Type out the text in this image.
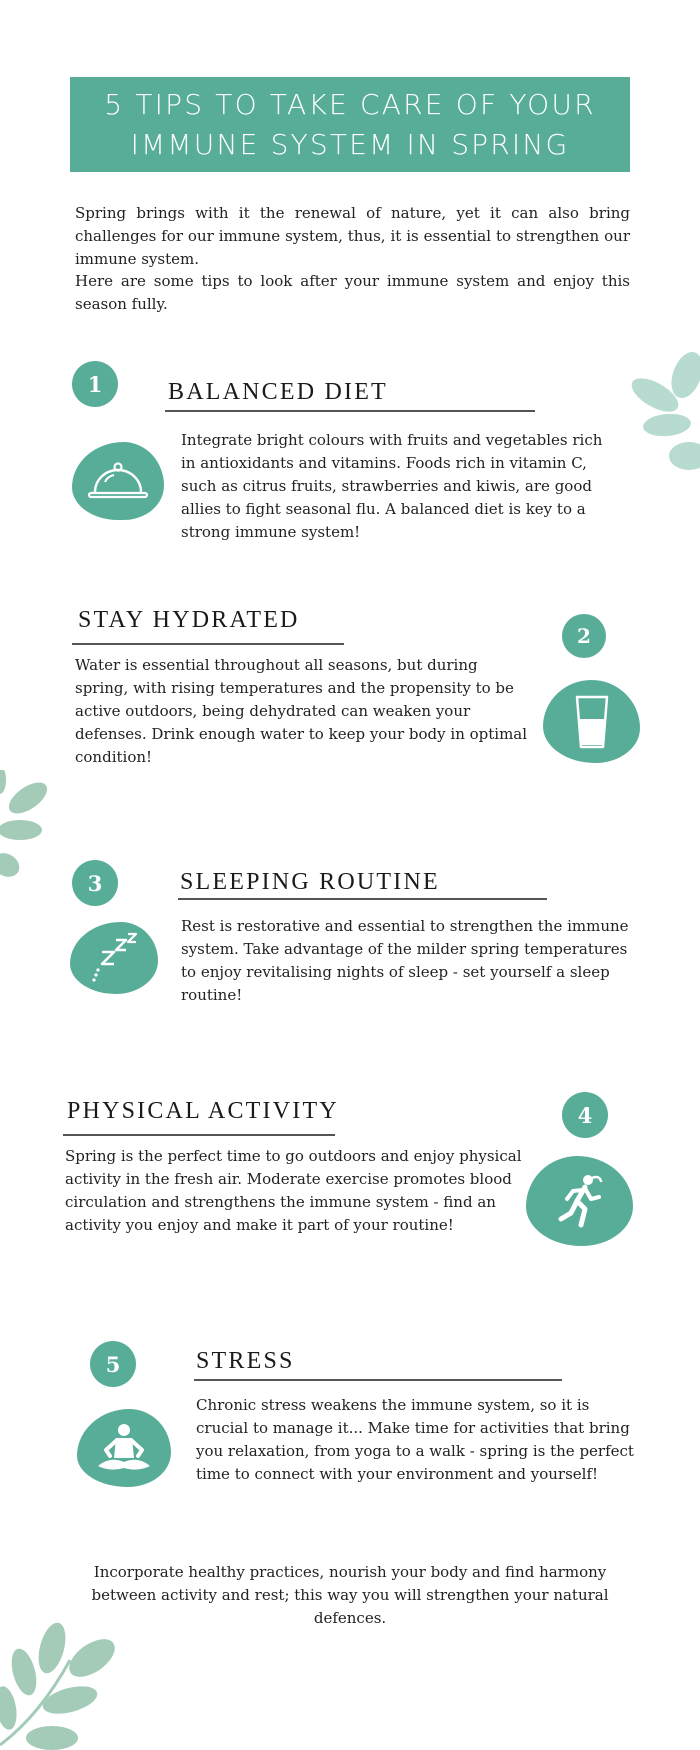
5 TIPS TO TAKE CARE OF YOUR
IMMUNE SYSTEM IN SPRING

Spring brings with it the renewal of nature, yet it can also bring challenges for our immune system, thus, it is essential to strengthen our immune system.

Here are some tips to look after your immune system and enjoy this season fully.

1	BALANCED DIET

Integrate bright colours with fruits and vegetables rich in antioxidants and vitamins. Foods rich in vitamin C, such as citrus fruits, strawberries and kiwis, are good allies to fight seasonal flu. A balanced diet is key to a strong immune system!

STAY HYDRATED
2

Water is essential throughout all seasons, but during spring, with rising temperatures and the propensity to be active outdoors, being dehydrated can weaken your defenses. Drink enough water to keep your body in optimal condition!

3	SLEEPING ROUTINE

Rest is restorative and essential to strengthen the immune system. Take advantage of the milder spring temperatures to enjoy revitalising nights of sleep - set yourself a sleep routine!

PHYSICAL ACTIVITY	4

Spring is the perfect time to go outdoors and enjoy physical activity in the fresh air. Moderate exercise promotes blood circulation and strengthens the immune system - find an activity you enjoy and make it part of your routine!

5	STRESS

Chronic stress weakens the immune system, so it is crucial to manage it... Make time for activities that bring you relaxation, from yoga to a walk - spring is the perfect time to connect with your environment and yourself!

Incorporate healthy practices, nourish your body and find harmony between activity and rest; this way you will strengthen your natural defences.
